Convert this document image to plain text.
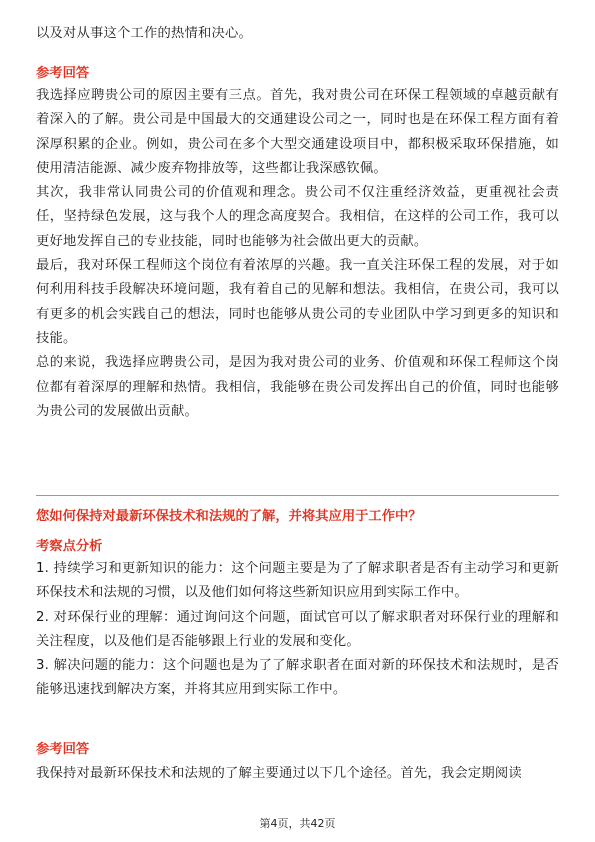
以及对从事这个工作的热情和决心。

参考回答

我选择应聘贵公司的原因主要有三点。首先，我对贵公司在环保工程领域的卓越贡献有着深入的了解。贵公司是中国最大的交通建设公司之一，同时也是在环保工程方面有着深厚积累的企业。例如，贵公司在多个大型交通建设项目中，都积极采取环保措施，如使用清洁能源、减少废弃物排放等，这些都让我深感钦佩。

其次，我非常认同贵公司的价值观和理念。贵公司不仅注重经济效益，更重视社会责任，坚持绿色发展，这与我个人的理念高度契合。我相信，在这样的公司工作，我可以更好地发挥自己的专业技能，同时也能够为社会做出更大的贡献。

最后，我对环保工程师这个岗位有着浓厚的兴趣。我一直关注环保工程的发展，对于如何利用科技手段解决环境问题，我有着自己的见解和想法。我相信，在贵公司，我可以有更多的机会实践自己的想法，同时也能够从贵公司的专业团队中学习到更多的知识和技能。

总的来说，我选择应聘贵公司，是因为我对贵公司的业务、价值观和环保工程师这个岗位都有着深厚的理解和热情。我相信，我能够在贵公司发挥出自己的价值，同时也能够为贵公司的发展做出贡献。

您如何保持对最新环保技术和法规的了解，并将其应用于工作中？

考察点分析

1. 持续学习和更新知识的能力：这个问题主要是为了了解求职者是否有主动学习和更新环保技术和法规的习惯，以及他们如何将这些新知识应用到实际工作中。

2. 对环保行业的理解：通过询问这个问题，面试官可以了解求职者对环保行业的理解和关注程度，以及他们是否能够跟上行业的发展和变化。

3. 解决问题的能力：这个问题也是为了了解求职者在面对新的环保技术和法规时，是否能够迅速找到解决方案，并将其应用到实际工作中。

参考回答

我保持对最新环保技术和法规的了解主要通过以下几个途径。首先，我会定期阅读

第4页，共42页
